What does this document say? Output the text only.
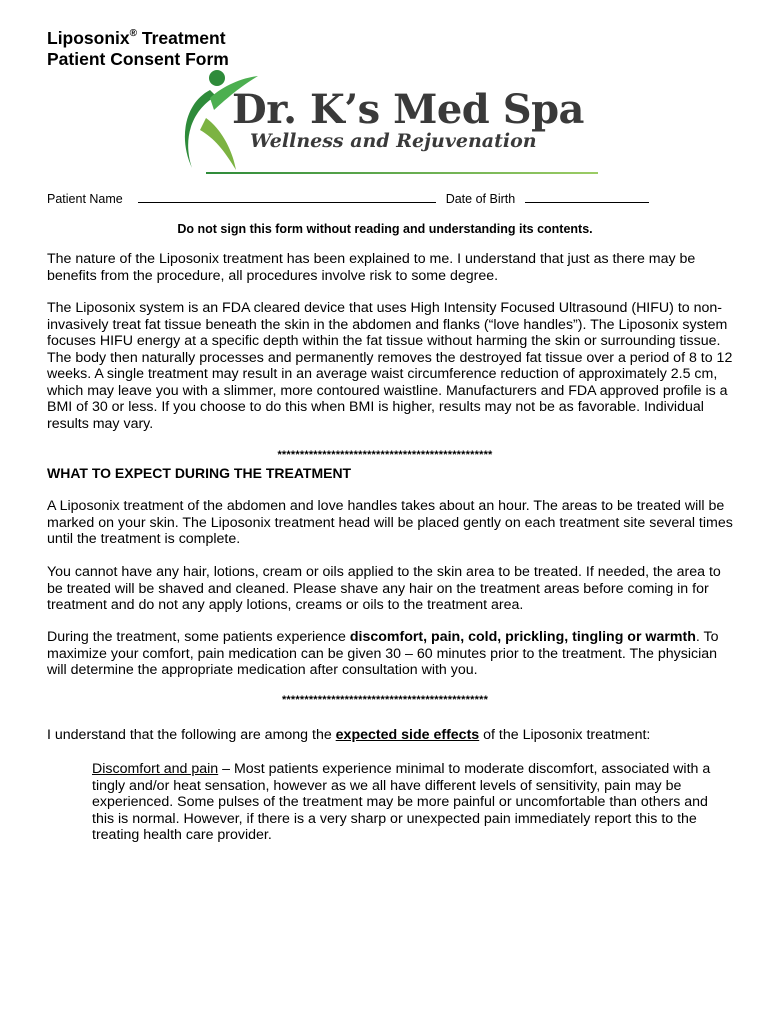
Liposonix® Treatment
Patient Consent Form
Dr. K’s Med Spa
Wellness and Rejuvenation
Patient Name	Date of Birth

Do not sign this form without reading and understanding its contents.

The nature of the Liposonix treatment has been explained to me. I understand that just as there may be benefits from the procedure, all procedures involve risk to some degree.

The Liposonix system is an FDA cleared device that uses High Intensity Focused Ultrasound (HIFU) to non-invasively treat fat tissue beneath the skin in the abdomen and flanks (“love handles”). The Liposonix system focuses HIFU energy at a specific depth within the fat tissue without harming the skin or surrounding tissue. The body then naturally processes and permanently removes the destroyed fat tissue over a period of 8 to 12 weeks. A single treatment may result in an average waist circumference reduction of approximately 2.5 cm, which may leave you with a slimmer, more contoured waistline. Manufacturers and FDA approved profile is a BMI of 30 or less. If you choose to do this when BMI is higher, results may not be as favorable. Individual results may vary.

************************************************

WHAT TO EXPECT DURING THE TREATMENT

A Liposonix treatment of the abdomen and love handles takes about an hour. The areas to be treated will be marked on your skin. The Liposonix treatment head will be placed gently on each treatment site several times until the treatment is complete.

You cannot have any hair, lotions, cream or oils applied to the skin area to be treated. If needed, the area to be treated will be shaved and cleaned. Please shave any hair on the treatment areas before coming in for treatment and do not any apply lotions, creams or oils to the treatment area.

During the treatment, some patients experience discomfort, pain, cold, prickling, tingling or warmth. To maximize your comfort, pain medication can be given 30 – 60 minutes prior to the treatment. The physician will determine the appropriate medication after consultation with you.

**********************************************

I understand that the following are among the expected side effects of the Liposonix treatment:

Discomfort and pain – Most patients experience minimal to moderate discomfort, associated with a tingly and/or heat sensation, however as we all have different levels of sensitivity, pain may be experienced. Some pulses of the treatment may be more painful or uncomfortable than others and this is normal. However, if there is a very sharp or unexpected pain immediately report this to the treating health care provider.
